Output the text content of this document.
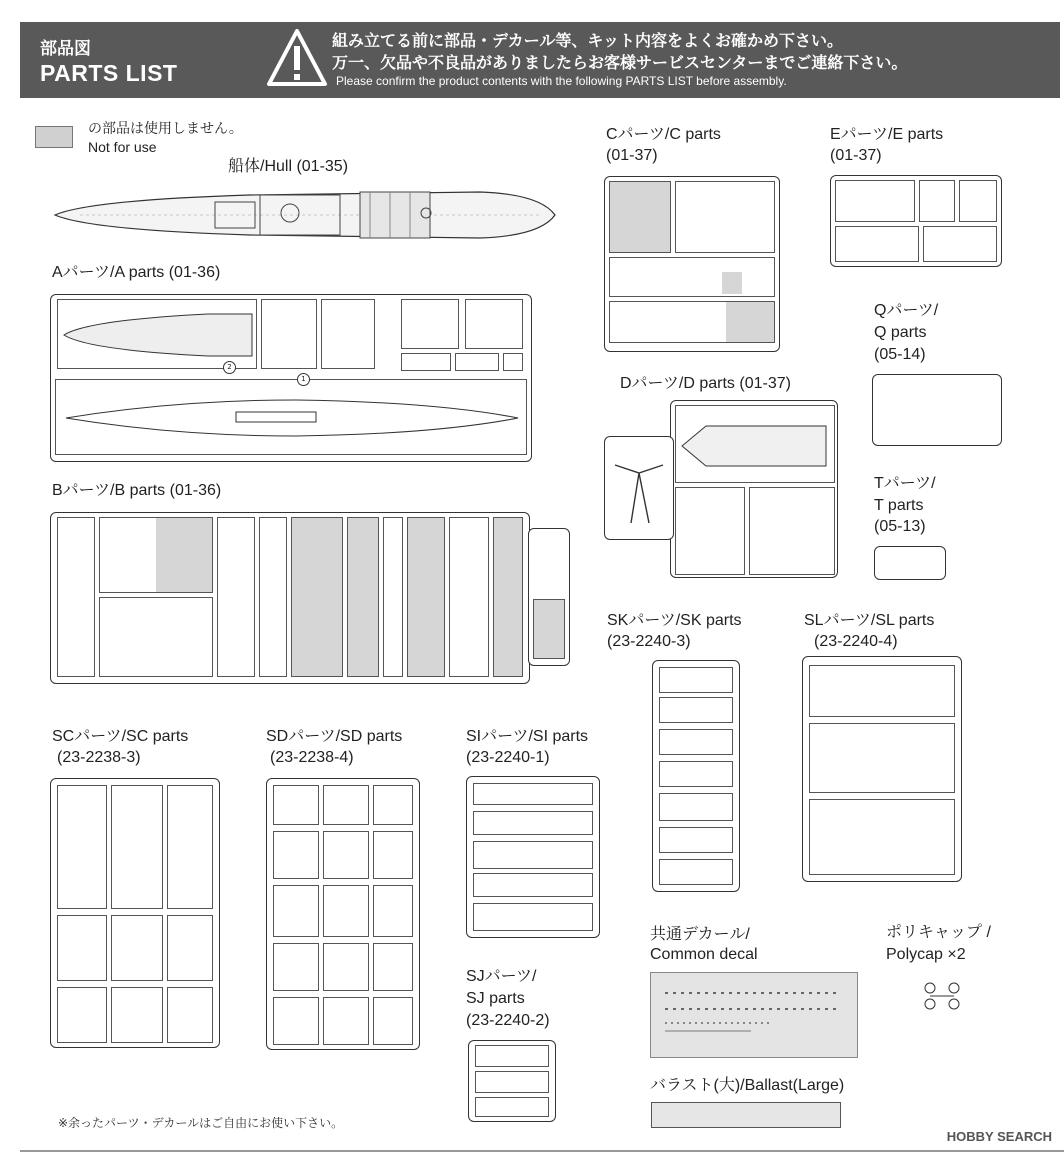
部品図
PARTS LIST
組み立てる前に部品・デカール等、キット内容をよくお確かめ下さい。
万一、欠品や不良品がありましたらお客様サービスセンターまでご連絡下さい。
Please confirm the product contents with the following PARTS LIST before assembly.
の部品は使用しません。
Not for use
船体/Hull (01-35)
Aパーツ/A parts (01-36)
1
2
Bパーツ/B parts (01-36)
Cパーツ/C parts
(01-37)
Eパーツ/E parts
(01-37)
Qパーツ/
Q parts
(05-14)
Dパーツ/D parts (01-37)
Tパーツ/
T parts
(05-13)
SKパーツ/SK parts
(23-2240-3)
SLパーツ/SL parts
(23-2240-4)
SCパーツ/SC parts
(23-2238-3)
SDパーツ/SD parts
(23-2238-4)
SIパーツ/SI parts
(23-2240-1)
SJパーツ/
SJ parts
(23-2240-2)
共通デカール/
Common decal
ポリキャップ /
Polycap ×2
バラスト(大)/Ballast(Large)
※余ったパーツ・デカールはご自由にお使い下さい。
HOBBY SEARCH
